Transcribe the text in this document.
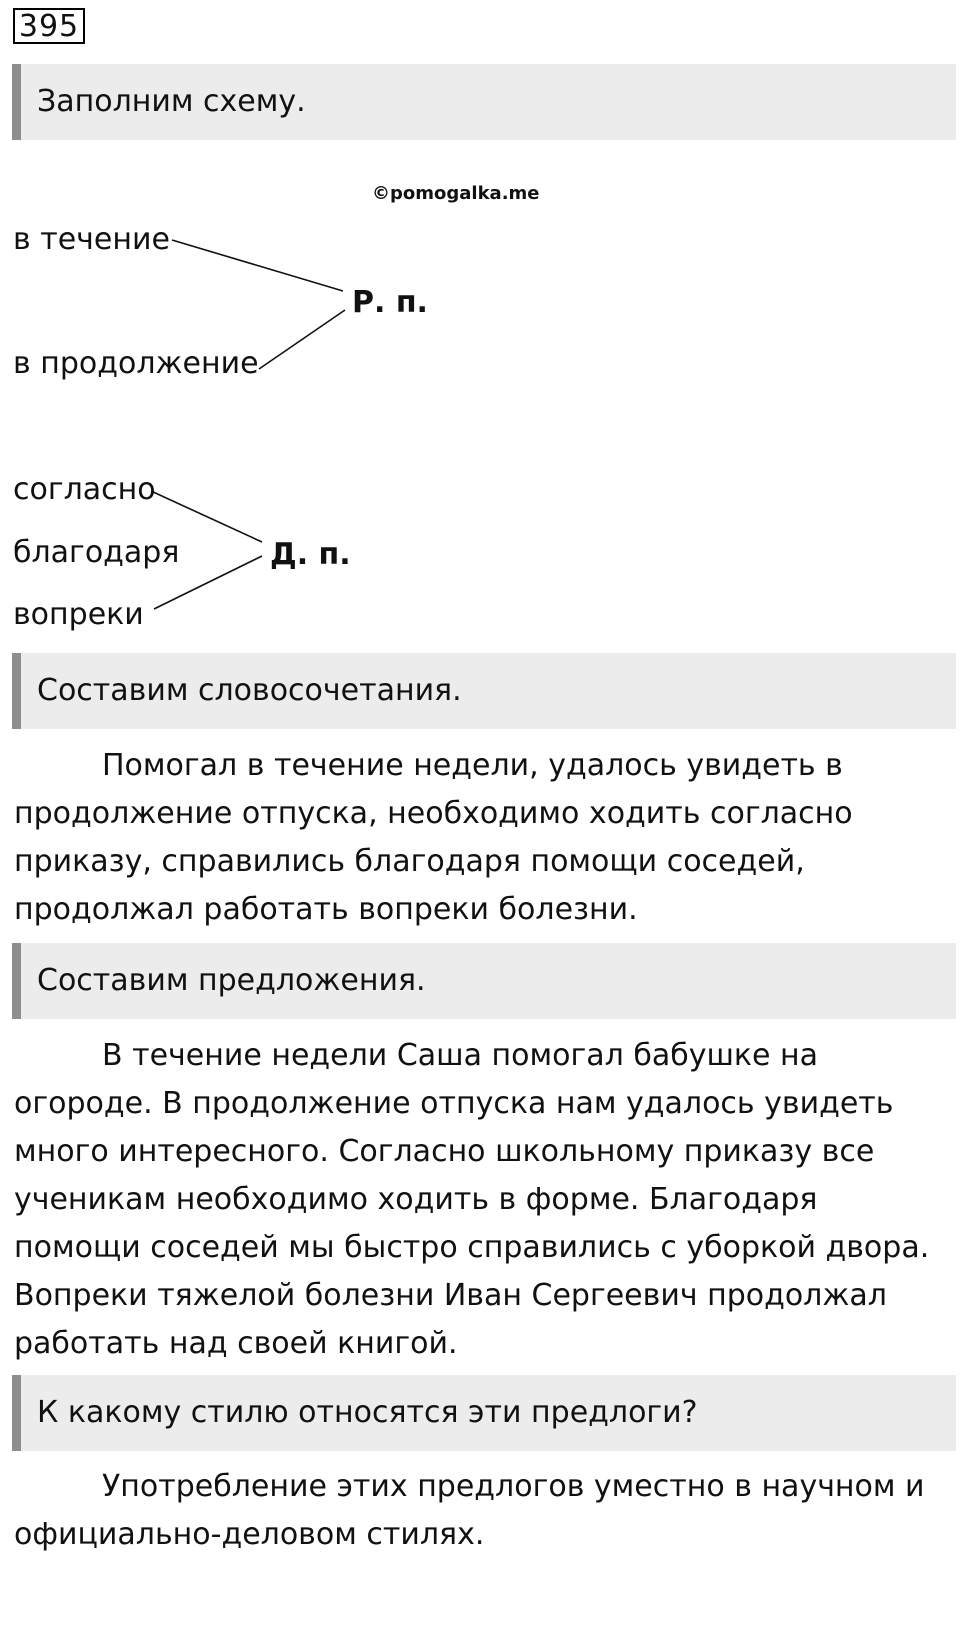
395
Заполним схему.
©pomogalka.me
в течение
в продолжение
Р. п.
согласно
благодаря
вопреки
Д. п.
Составим словосочетания.

Помогал в течение недели, удалось увидеть в продолжение отпуска, необходимо ходить согласно приказу, справились благодаря помощи соседей, продолжал работать вопреки болезни.

Составим предложения.

В течение недели Саша помогал бабушке на огороде. В продолжение отпуска нам удалось увидеть много интересного. Согласно школьному приказу все ученикам необходимо ходить в форме. Благодаря помощи соседей мы быстро справились с уборкой двора. Вопреки тяжелой болезни Иван Сергеевич продолжал работать над своей книгой.

К какому стилю относятся эти предлоги?

Употребление этих предлогов уместно в научном и официально-деловом стилях.
